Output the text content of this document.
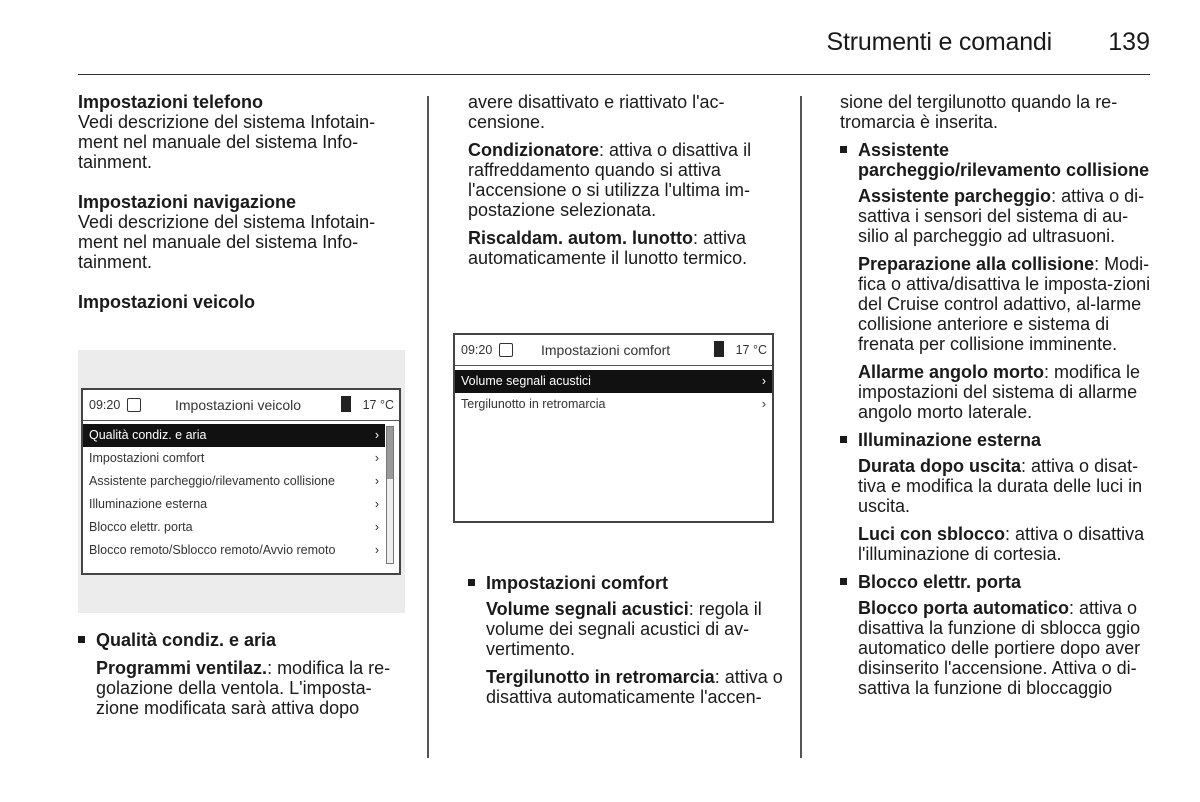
Strumenti e comandi 139
Impostazioni telefono

Vedi descrizione del sistema Infotain-ment nel manuale del sistema Info-tainment.

Impostazioni navigazione

Vedi descrizione del sistema Infotain-ment nel manuale del sistema Info-tainment.

Impostazioni veicolo
09:20	Impostazioni veicolo	17 °C
Qualità condiz. e aria	›
Impostazioni comfort	›
Assistente parcheggio/rilevamento collisione	›
Illuminazione esterna	›
Blocco elettr. porta	›
Blocco remoto/Sblocco remoto/Avvio remoto	›
Qualità condiz. e aria
Programmi ventilaz.: modifica la re-golazione della ventola. L'imposta-zione modificata sarà attiva dopo

avere disattivato e riattivato l'ac-censione.

Condizionatore: attiva o disattiva il raffreddamento quando si attiva l'accensione o si utilizza l'ultima im-postazione selezionata.

Riscaldam. autom. lunotto: attiva automaticamente il lunotto termico.

09:20	Impostazioni comfort	17 °C
Volume segnali acustici	›
Tergilunotto in retromarcia	›
Impostazioni comfort

Volume segnali acustici: regola il volume dei segnali acustici di av-vertimento.

Tergilunotto in retromarcia: attiva o disattiva automaticamente l'accen-

sione del tergilunotto quando la re-tromarcia è inserita.

Assistente parcheggio/rilevamento collisione

Assistente parcheggio: attiva o di-sattiva i sensori del sistema di au-silio al parcheggio ad ultrasuoni.

Preparazione alla collisione: Modi-fica o attiva/disattiva le imposta-zioni del Cruise control adattivo, al-larme collisione anteriore e sistema di frenata per collisione imminente.

Allarme angolo morto: modifica le impostazioni del sistema di allarme angolo morto laterale.

Illuminazione esterna

Durata dopo uscita: attiva o disat-tiva e modifica la durata delle luci in uscita.

Luci con sblocco: attiva o disattiva l'illuminazione di cortesia.

Blocco elettr. porta

Blocco porta automatico: attiva o disattiva la funzione di sblocca ggio automatico delle portiere dopo aver disinserito l'accensione. Attiva o di-sattiva la funzione di bloccaggio
